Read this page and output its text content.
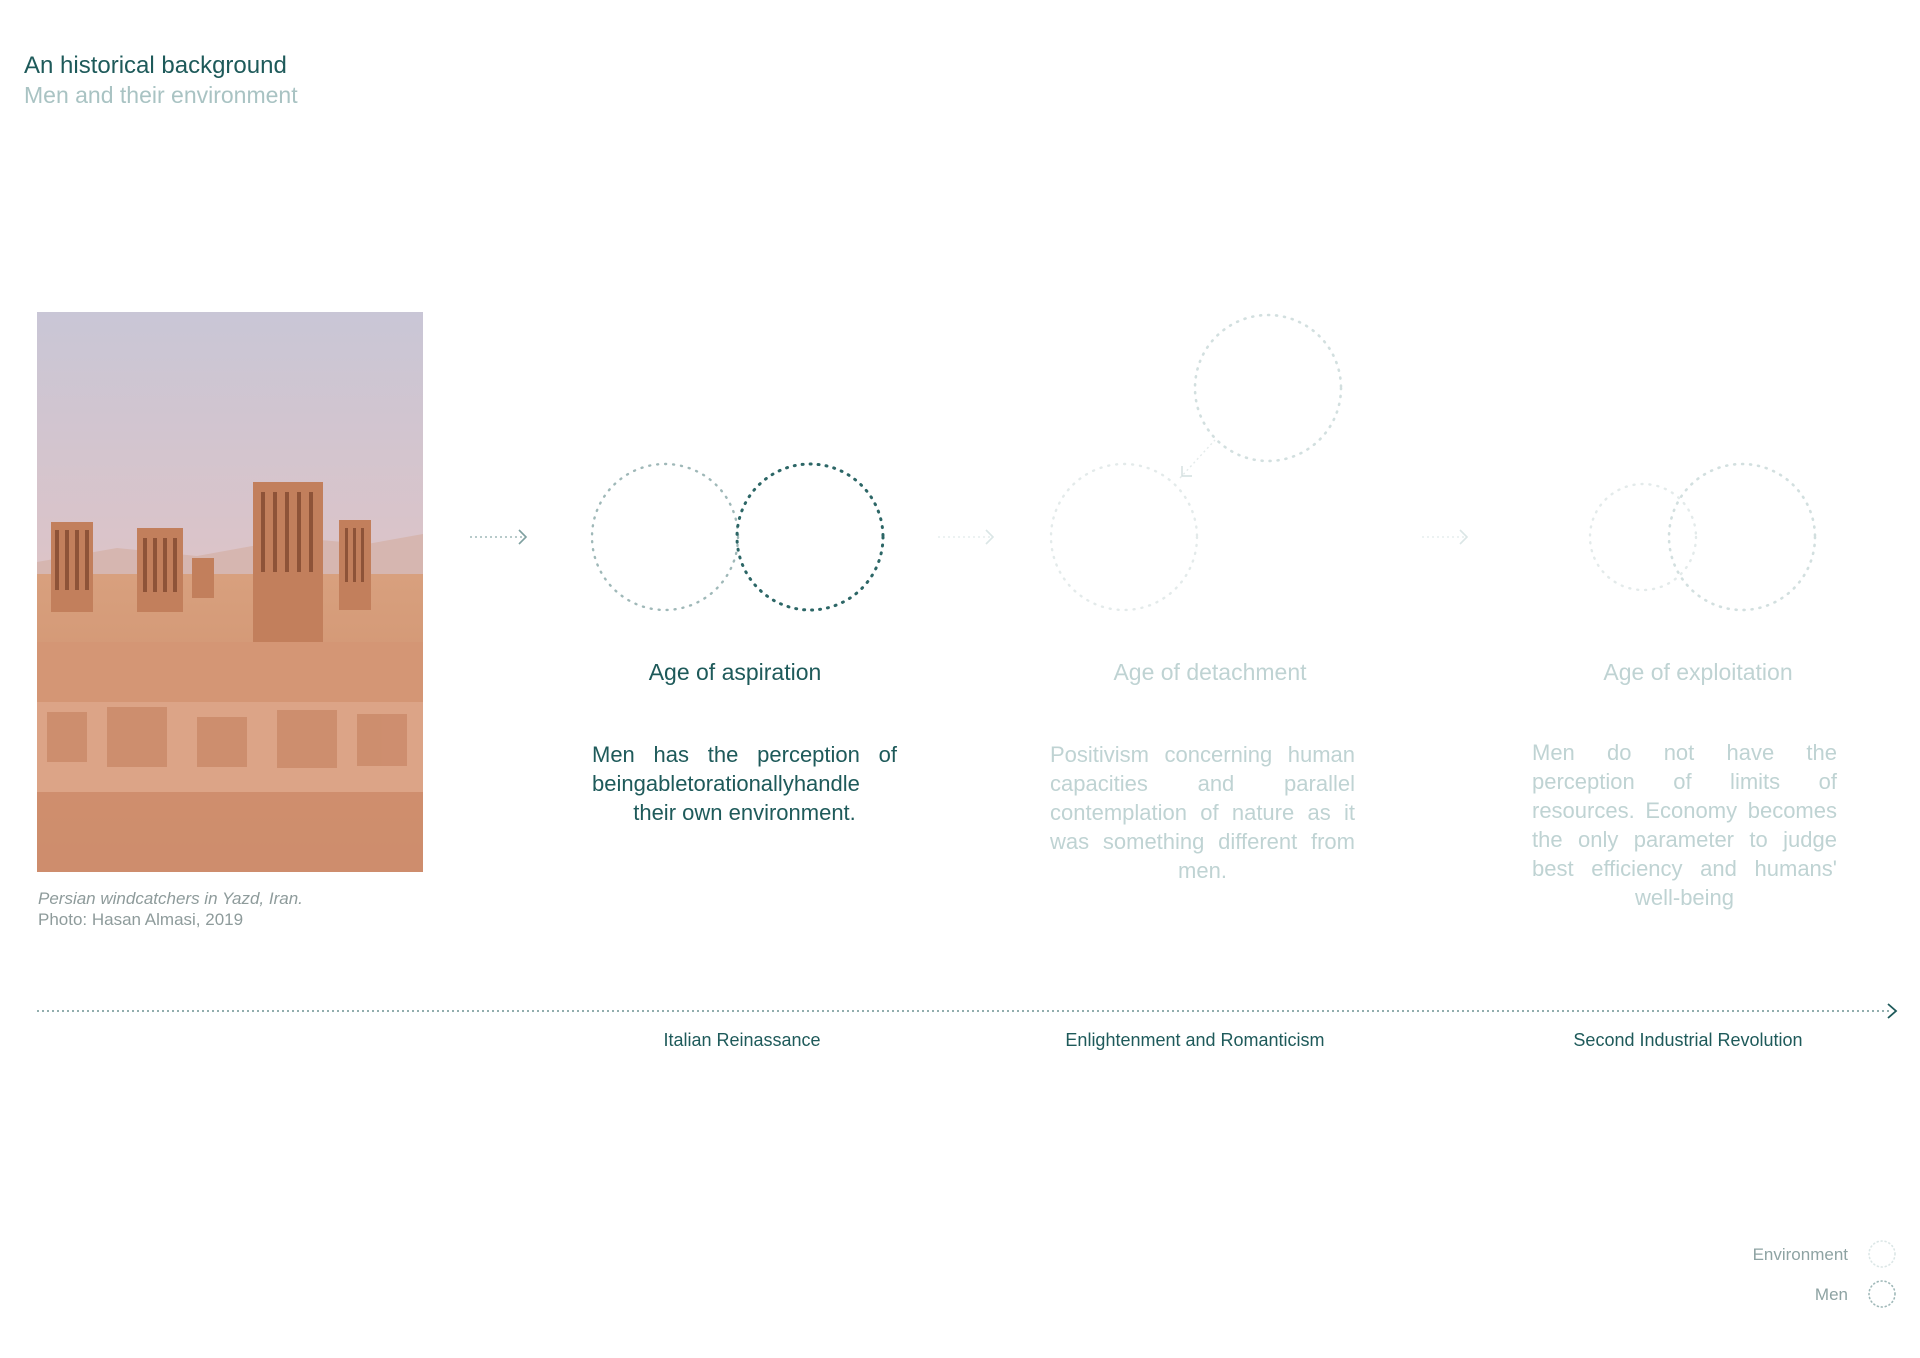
An historical background
Men and their environment
Persian windcatchers in Yazd, Iran.
Photo: Hasan Almasi, 2019
Age of aspiration	Age of detachment	Age of exploitation
Men has the perception of beingabletorationallyhandle their own environment.
Positivism concerning human capacities and parallel contemplation of nature as it was something different from men.
Men do not have the perception of limits of resources. Economy becomes the only parameter to judge best efficiency and humans' well-being
Italian Reinassance	Enlightenment and Romanticism	Second Industrial Revolution
Environment
Men
